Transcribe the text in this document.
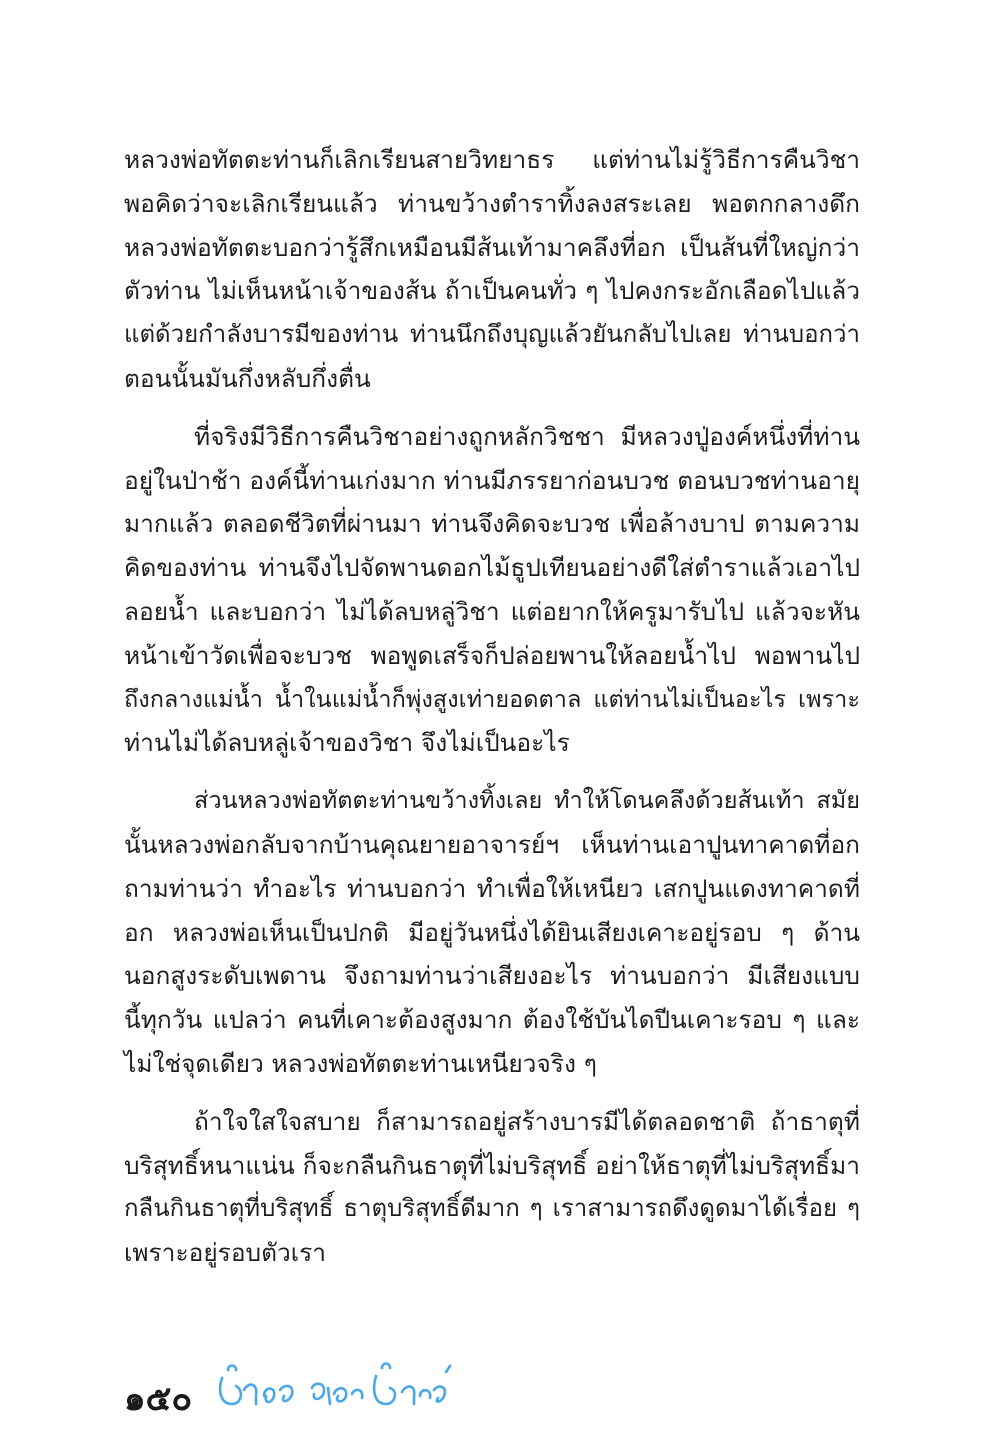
หลวงพ่อทัตตะท่านก็เลิกเรียนสายวิทยาธร แต่ท่านไม่รู้วิธีการคืนวิชา
พอคิดว่าจะเลิกเรียนแล้ว ท่านขว้างตำราทิ้งลงสระเลย พอตกกลางดึก
หลวงพ่อทัตตะบอกว่ารู้สึกเหมือนมีส้นเท้ามาคลึงที่อก เป็นส้นที่ใหญ่กว่า
ตัวท่าน ไม่เห็นหน้าเจ้าของส้น ถ้าเป็นคนทั่ว ๆ ไปคงกระอักเลือดไปแล้ว
แต่ด้วยกำลังบารมีของท่าน ท่านนึกถึงบุญแล้วยันกลับไปเลย ท่านบอกว่า
ตอนนั้นมันกึ่งหลับกึ่งตื่น
ที่จริงมีวิธีการคืนวิชาอย่างถูกหลักวิชชา มีหลวงปู่องค์หนึ่งที่ท่าน
อยู่ในป่าช้า องค์นี้ท่านเก่งมาก ท่านมีภรรยาก่อนบวช ตอนบวชท่านอายุ
มากแล้ว ตลอดชีวิตที่ผ่านมา ท่านจึงคิดจะบวช เพื่อล้างบาป ตามความ
คิดของท่าน ท่านจึงไปจัดพานดอกไม้ธูปเทียนอย่างดีใส่ตำราแล้วเอาไป
ลอยน้ำ และบอกว่า ไม่ได้ลบหลู่วิชา แต่อยากให้ครูมารับไป แล้วจะหัน
หน้าเข้าวัดเพื่อจะบวช พอพูดเสร็จก็ปล่อยพานให้ลอยน้ำไป พอพานไป
ถึงกลางแม่น้ำ น้ำในแม่น้ำก็พุ่งสูงเท่ายอดตาล แต่ท่านไม่เป็นอะไร เพราะ
ท่านไม่ได้ลบหลู่เจ้าของวิชา จึงไม่เป็นอะไร
ส่วนหลวงพ่อทัตตะท่านขว้างทิ้งเลย ทำให้โดนคลึงด้วยส้นเท้า สมัย
นั้นหลวงพ่อกลับจากบ้านคุณยายอาจารย์ฯ เห็นท่านเอาปูนทาคาดที่อก
ถามท่านว่า ทำอะไร ท่านบอกว่า ทำเพื่อให้เหนียว เสกปูนแดงทาคาดที่
อก หลวงพ่อเห็นเป็นปกติ มีอยู่วันหนึ่งได้ยินเสียงเคาะอยู่รอบ ๆ ด้าน
นอกสูงระดับเพดาน จึงถามท่านว่าเสียงอะไร ท่านบอกว่า มีเสียงแบบ
นี้ทุกวัน แปลว่า คนที่เคาะต้องสูงมาก ต้องใช้บันไดปีนเคาะรอบ ๆ และ
ไม่ใช่จุดเดียว หลวงพ่อทัตตะท่านเหนียวจริง ๆ
ถ้าใจใสใจสบาย ก็สามารถอยู่สร้างบารมีได้ตลอดชาติ ถ้าธาตุที่
บริสุทธิ์หนาแน่น ก็จะกลืนกินธาตุที่ไม่บริสุทธิ์ อย่าให้ธาตุที่ไม่บริสุทธิ์มา
กลืนกินธาตุที่บริสุทธิ์ ธาตุบริสุทธิ์ดีมาก ๆ เราสามารถดึงดูดมาได้เรื่อย ๆ
เพราะอยู่รอบตัวเรา
๑๕๐
